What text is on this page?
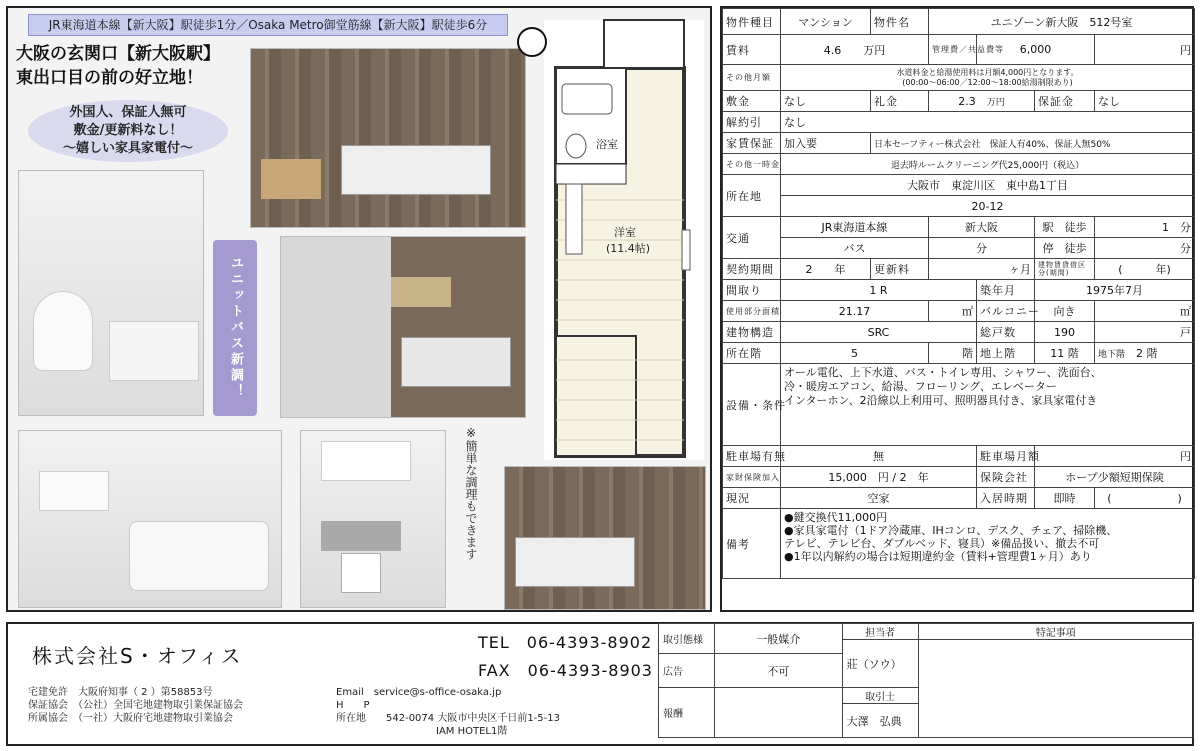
JR東海道本線【新大阪】駅徒歩1分／Osaka Metro御堂筋線【新大阪】駅徒歩6分
大阪の玄関口【新大阪駅】
東出口目の前の好立地！
外国人、保証人無可
敷金/更新料なし！
～嬉しい家具家電付～
ユニットバス新調！
※簡単な調理もできます
浴室
洋室
(11.4帖)
物件種目	マンション	物件名	ユニゾーン新大阪　512号室			
賃料	4.6　　 万円		管理費／共益費等	6,000		円
その他月額	水道料金と給湯使用料は月額4,000円となります。
(00:00～06:00／12:00～18:00給湯制限あり)					

敷金	なし	礼金	2.3　 万円		保証金	なし
解約引	なし					
家賃保証	加入要	日本セーフティー株式会社　保証人有40%、保証人無50%				
その他一時金	退去時ルームクリーニング代25,000円（税込）					
所在地	大阪市　東淀川区　東中島1丁目					
	20-12					
交通	JR東海道本線		新大阪		駅　徒歩	1　 分
	バス		分		停　徒歩	分
契約期間	2　　 年	更新料	ヶ月		建物賃貸借区分(期間)	(　　　年)
間取り	1 R			築年月	1975年7月	
使用部分面積	21.17		㎡	バルコニー	向き	㎡
建物構造	SRC			総戸数	190	戸
所在階	5		階	地上階	11 階	地下階　 2 階
設備・条件	オール電化、上下水道、バス・トイレ専用、シャワー、洗面台、
冷・暖房エアコン、給湯、フローリング、エレベーター
インターホン、2沿線以上利用可、照明器具付き、家具家電付き					

駐車場有無	無			駐車場月額	円	
家財保険加入	15,000　円 / 2　年			保険会社	ホープ少額短期保険	
現況	空家			入居時期	即時	(　　　　　　)
備考	●鍵交換代11,000円
●家具家電付（1ドア冷蔵庫、IHコンロ、デスク、チェア、掃除機、
テレビ、テレビ台、ダブルベッド、寝具）※備品扱い、撤去不可
●1年以内解約の場合は短期違約金（賃料+管理費1ヶ月）あり					
株式会社S・オフィス
TEL　06-4393-8902
FAX　06-4393-8903
宅建免許　大阪府知事（ 2 ）第58853号
保証協会　（公社）全国宅地建物取引業保証協会
所属協会　（一社）大阪府宅地建物取引業協会
Email　service@s-office-osaka.jp
H　　P
所在地　　542-0074 大阪市中央区千日前1-5-13
IAM HOTEL1階
取引態様	一般媒介	担当者	特記事項
		莊（ソウ）	
広告	不可		

報酬		取引士	
		大澤　弘典	
